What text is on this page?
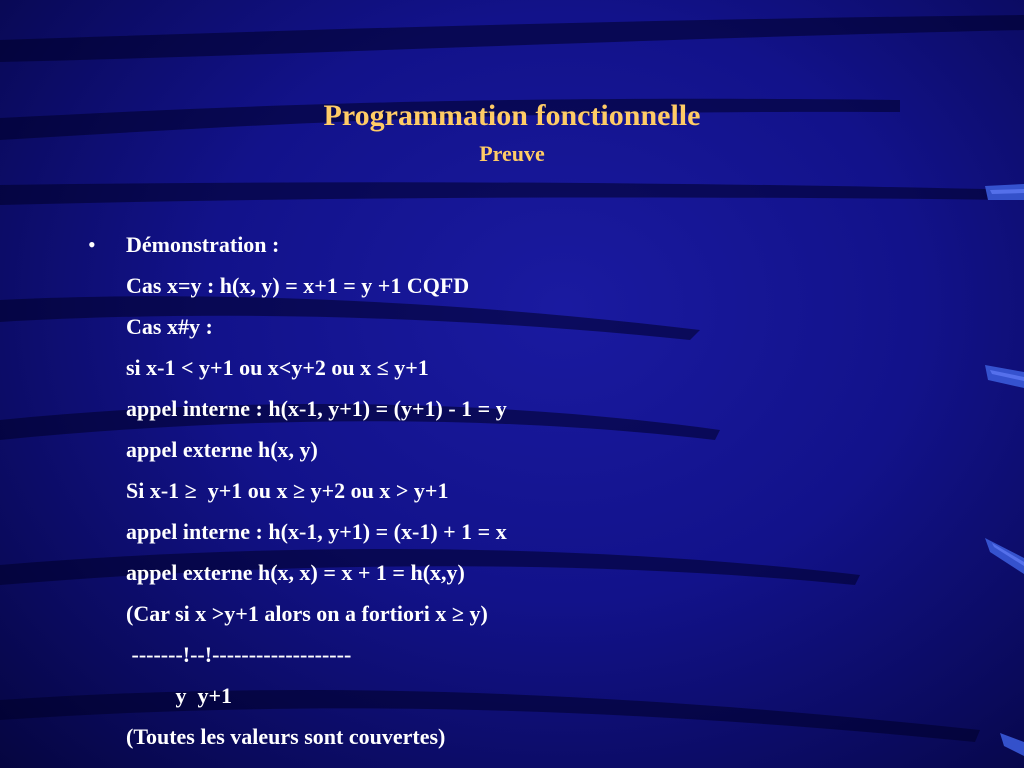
Programmation fonctionnelle
Preuve
• Démonstration :
Cas x=y : h(x, y) = x+1 = y +1 CQFD
Cas x#y :
si x-1 < y+1 ou x<y+2 ou x ≤ y+1
appel interne : h(x-1, y+1) = (y+1) - 1 = y
appel externe h(x, y)
Si x-1 ≥  y+1 ou x ≥ y+2 ou x > y+1
appel interne : h(x-1, y+1) = (x-1) + 1 = x
appel externe h(x, x) = x + 1 = h(x,y)
(Car si x >y+1 alors on a fortiori x ≥ y)
-------!--!-------------------
y  y+1
(Toutes les valeurs sont couvertes)
